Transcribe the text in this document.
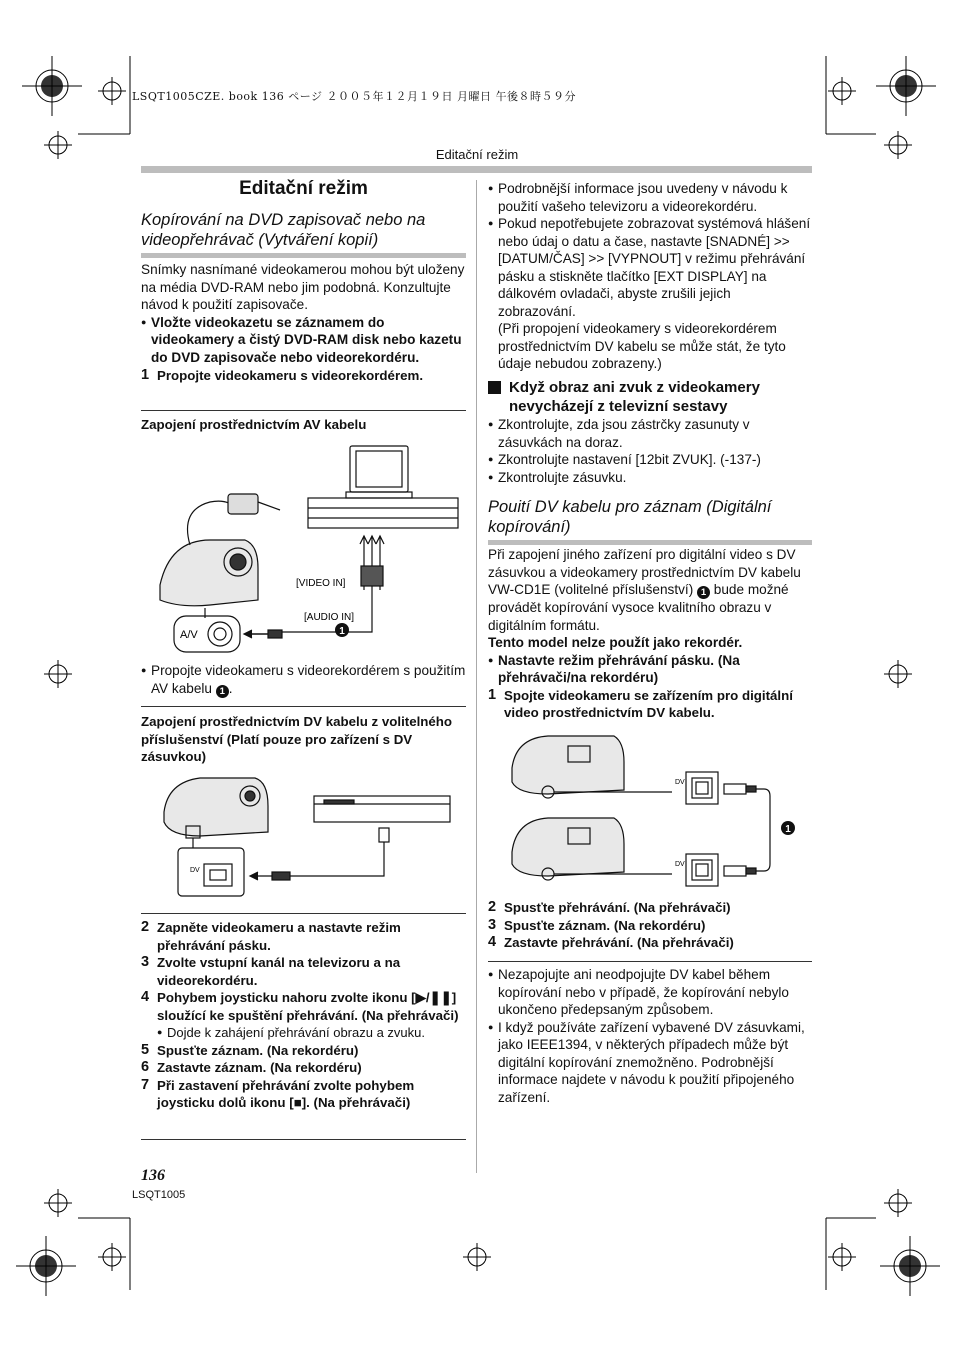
LSQT1005CZE. book 136 ページ ２００５年１２月１９日 月曜日 午後８時５９分
Editační režim
Editační režim
Kopírování na DVD zapisovač nebo na videopřehrávač (Vytváření kopií)

Snímky nasnímané videokamerou mohou být uloženy na média DVD-RAM nebo jim podobná. Konzultujte návod k použití zapisovače.

● Vložte videokazetu se záznamem do videokamery a čistý DVD-RAM disk nebo kazetu do DVD zapisovače nebo videorekordéru.

1 Propojte videokameru s videorekordérem.

Zapojení prostřednictvím AV kabelu

[VIDEO IN]
[AUDIO IN]
A/V	1

● Propojte videokameru s videorekordérem s použitím AV kabelu 1 .

Zapojení prostřednictvím DV kabelu z volitelného příslušenství (Platí pouze pro zařízení s DV zásuvkou)

DV

2 Zapněte videokameru a nastavte režim přehrávání pásku.

3 Zvolte vstupní kanál na televizoru a na videorekordéru.

4 Pohybem joysticku nahoru zvolte ikonu [▶/❚❚] sloužící ke spuštění přehrávání. (Na přehrávači)

● Dojde k zahájení přehrávání obrazu a zvuku.

5 Spusťte záznam. (Na rekordéru)

6 Zastavte záznam. (Na rekordéru)

7 Při zastavení přehrávání zvolte pohybem joysticku dolů ikonu [■]. (Na přehrávači)

● Podrobnější informace jsou uvedeny v návodu k použití vašeho televizoru a videorekordéru.

● Pokud nepotřebujete zobrazovat systémová hlášení nebo údaj o datu a čase, nastavte [SNADNÉ] >> [DATUM/ČAS] >> [VYPNOUT] v režimu přehrávání pásku a stiskněte tlačítko [EXT DISPLAY] na dálkovém ovladači, abyste zrušili jejich zobrazování.

(Při propojení videokamery s videorekordérem prostřednictvím DV kabelu se může stát, že tyto údaje nebudou zobrazeny.)

Když obraz ani zvuk z videokamery nevycházejí z televizní sestavy

● Zkontrolujte, zda jsou zástrčky zasunuty v zásuvkách na doraz.

● Zkontrolujte nastavení [12bit ZVUK]. (-137-)

● Zkontrolujte zásuvku.

Pouití DV kabelu pro záznam (Digitální kopírování)

Při zapojení jiného zařízení pro digitální video s DV zásuvkou a videokamery prostřednictvím DV kabelu VW-CD1E (volitelné příslušenství) 1 bude možné provádět kopírování vysoce kvalitního obrazu v digitálním formátu.

Tento model nelze použít jako rekordér.

● Nastavte režim přehrávání pásku. (Na přehrávači/na rekordéru)

1 Spojte videokameru se zařízením pro digitální video prostřednictvím DV kabelu.

DV
DV
1

2 Spusťte přehrávání. (Na přehrávači)

3 Spusťte záznam. (Na rekordéru)

4 Zastavte přehrávání. (Na přehrávači)

● Nezapojujte ani neodpojujte DV kabel během kopírování nebo v případě, že kopírování nebylo ukončeno předepsaným způsobem.

● I když používáte zařízení vybavené DV zásuvkami, jako IEEE1394, v některých případech může být digitální kopírování znemožněno. Podrobnější informace najdete v návodu k použití připojeného zařízení.

136
LSQT1005
